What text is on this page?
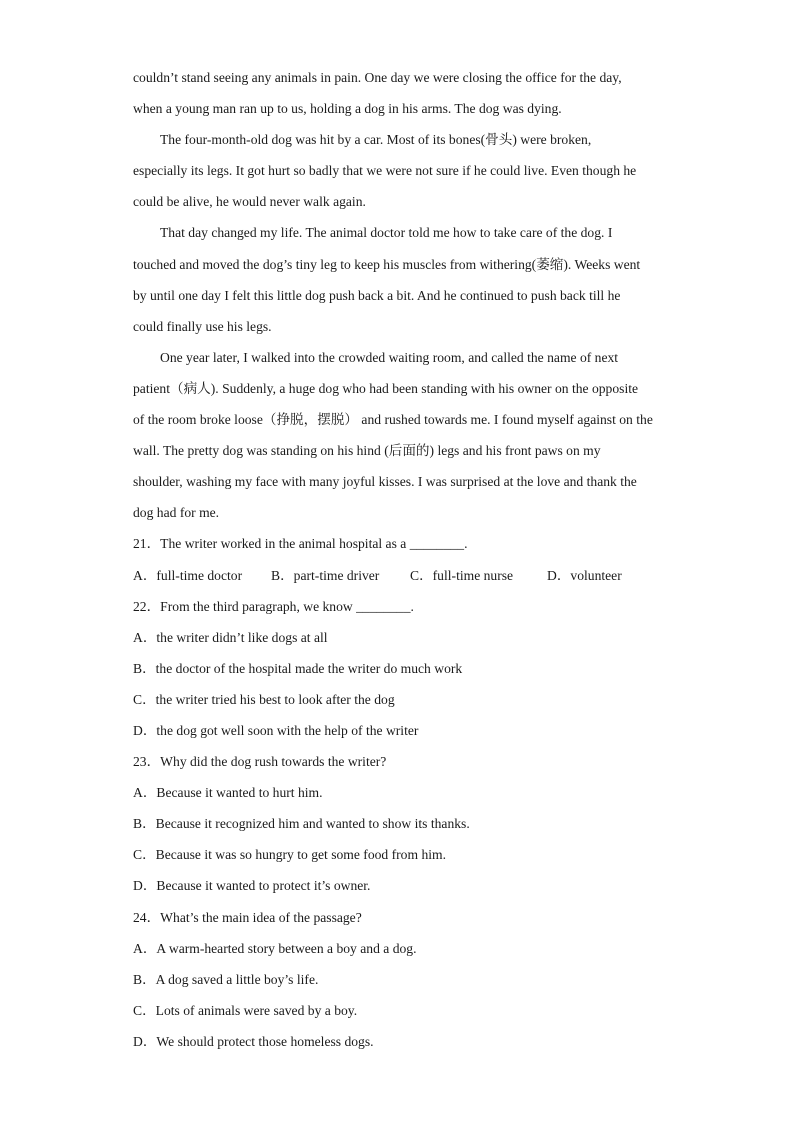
couldn’t stand seeing any animals in pain. One day we were closing the office for the day,
when a young man ran up to us, holding a dog in his arms. The dog was dying.
The four-month-old dog was hit by a car. Most of its bones(骨头) were broken,
especially its legs. It got hurt so badly that we were not sure if he could live. Even though he
could be alive, he would never walk again.
That day changed my life. The animal doctor told me how to take care of the dog. I
touched and moved the dog’s tiny leg to keep his muscles from withering(萎缩). Weeks went
by until one day I felt this little dog push back a bit. And he continued to push back till he
could finally use his legs.
One year later, I walked into the crowded waiting room, and called the name of next
patient（病人). Suddenly, a huge dog who had been standing with his owner on the opposite
of the room broke loose（挣脱，摆脱） and rushed towards me. I found myself against on the
wall. The pretty dog was standing on his hind (后面的) legs and his front paws on my
shoulder, washing my face with many joyful kisses. I was surprised at the love and thank the
dog had for me.
21．The writer worked in the animal hospital as a ________.
A．full-time doctor	B．part-time driver	C．full-time nurse	D．volunteer
22．From the third paragraph, we know ________.
A．the writer didn’t like dogs at all
B．the doctor of the hospital made the writer do much work
C．the writer tried his best to look after the dog
D．the dog got well soon with the help of the writer
23．Why did the dog rush towards the writer?
A．Because it wanted to hurt him.
B．Because it recognized him and wanted to show its thanks.
C．Because it was so hungry to get some food from him.
D．Because it wanted to protect it’s owner.
24．What’s the main idea of the passage?
A．A warm-hearted story between a boy and a dog.
B．A dog saved a little boy’s life.
C．Lots of animals were saved by a boy.
D．We should protect those homeless dogs.
